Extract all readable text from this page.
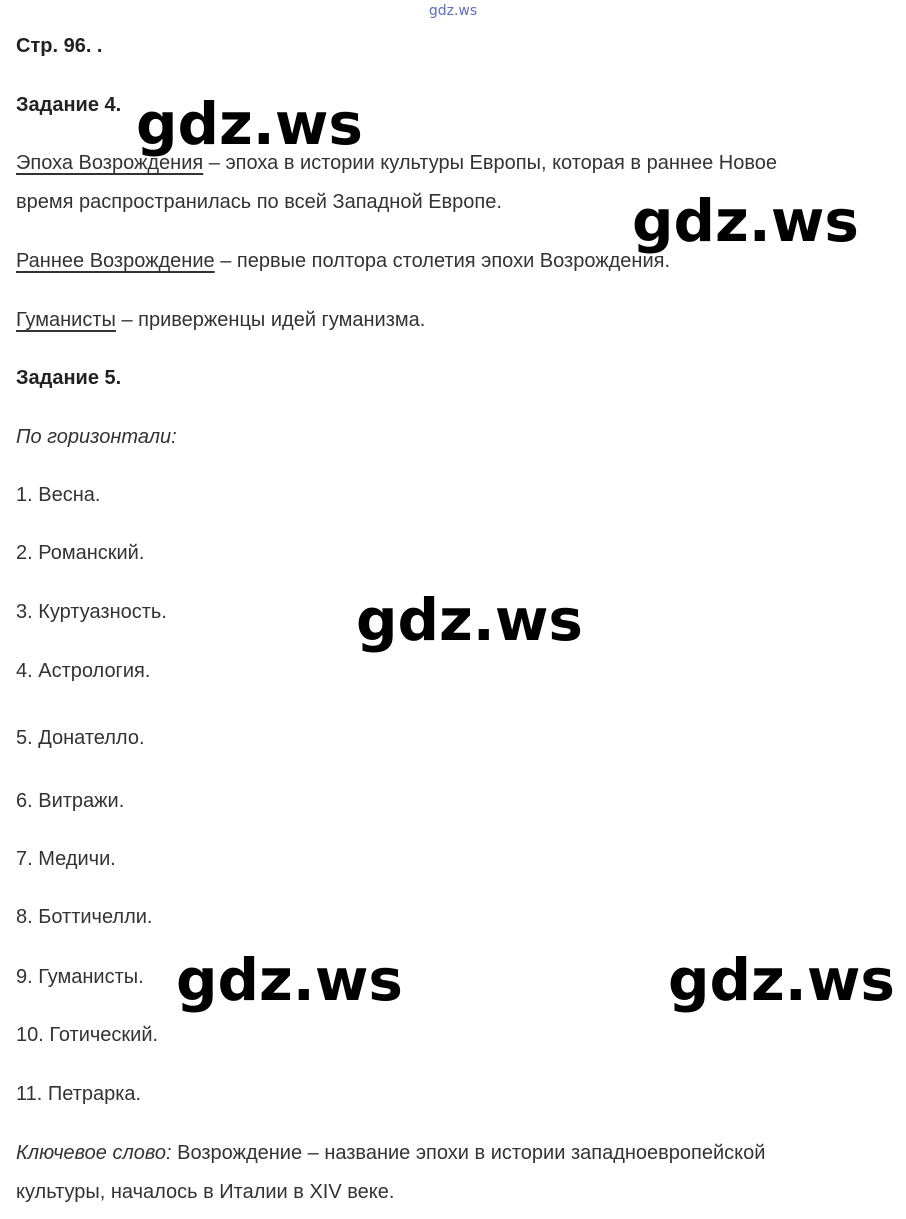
gdz.ws
Стр. 96. .
Задание 4.
Эпоха Возрождения – эпоха в истории культуры Европы, которая в раннее Новое
время распространилась по всей Западной Европе.
Раннее Возрождение – первые полтора столетия эпохи Возрождения.
Гуманисты – приверженцы идей гуманизма.
Задание 5.
По горизонтали:
1. Весна.
2. Романский.
3. Куртуазность.
4. Астрология.
5. Донателло.
6. Витражи.
7. Медичи.
8. Боттичелли.
9. Гуманисты.
10. Готический.
11. Петрарка.
Ключевое слово: Возрождение – название эпохи в истории западноевропейской
культуры, началось в Италии в XIV веке.
gdz.ws
gdz.ws
gdz.ws
gdz.ws	gdz.ws
